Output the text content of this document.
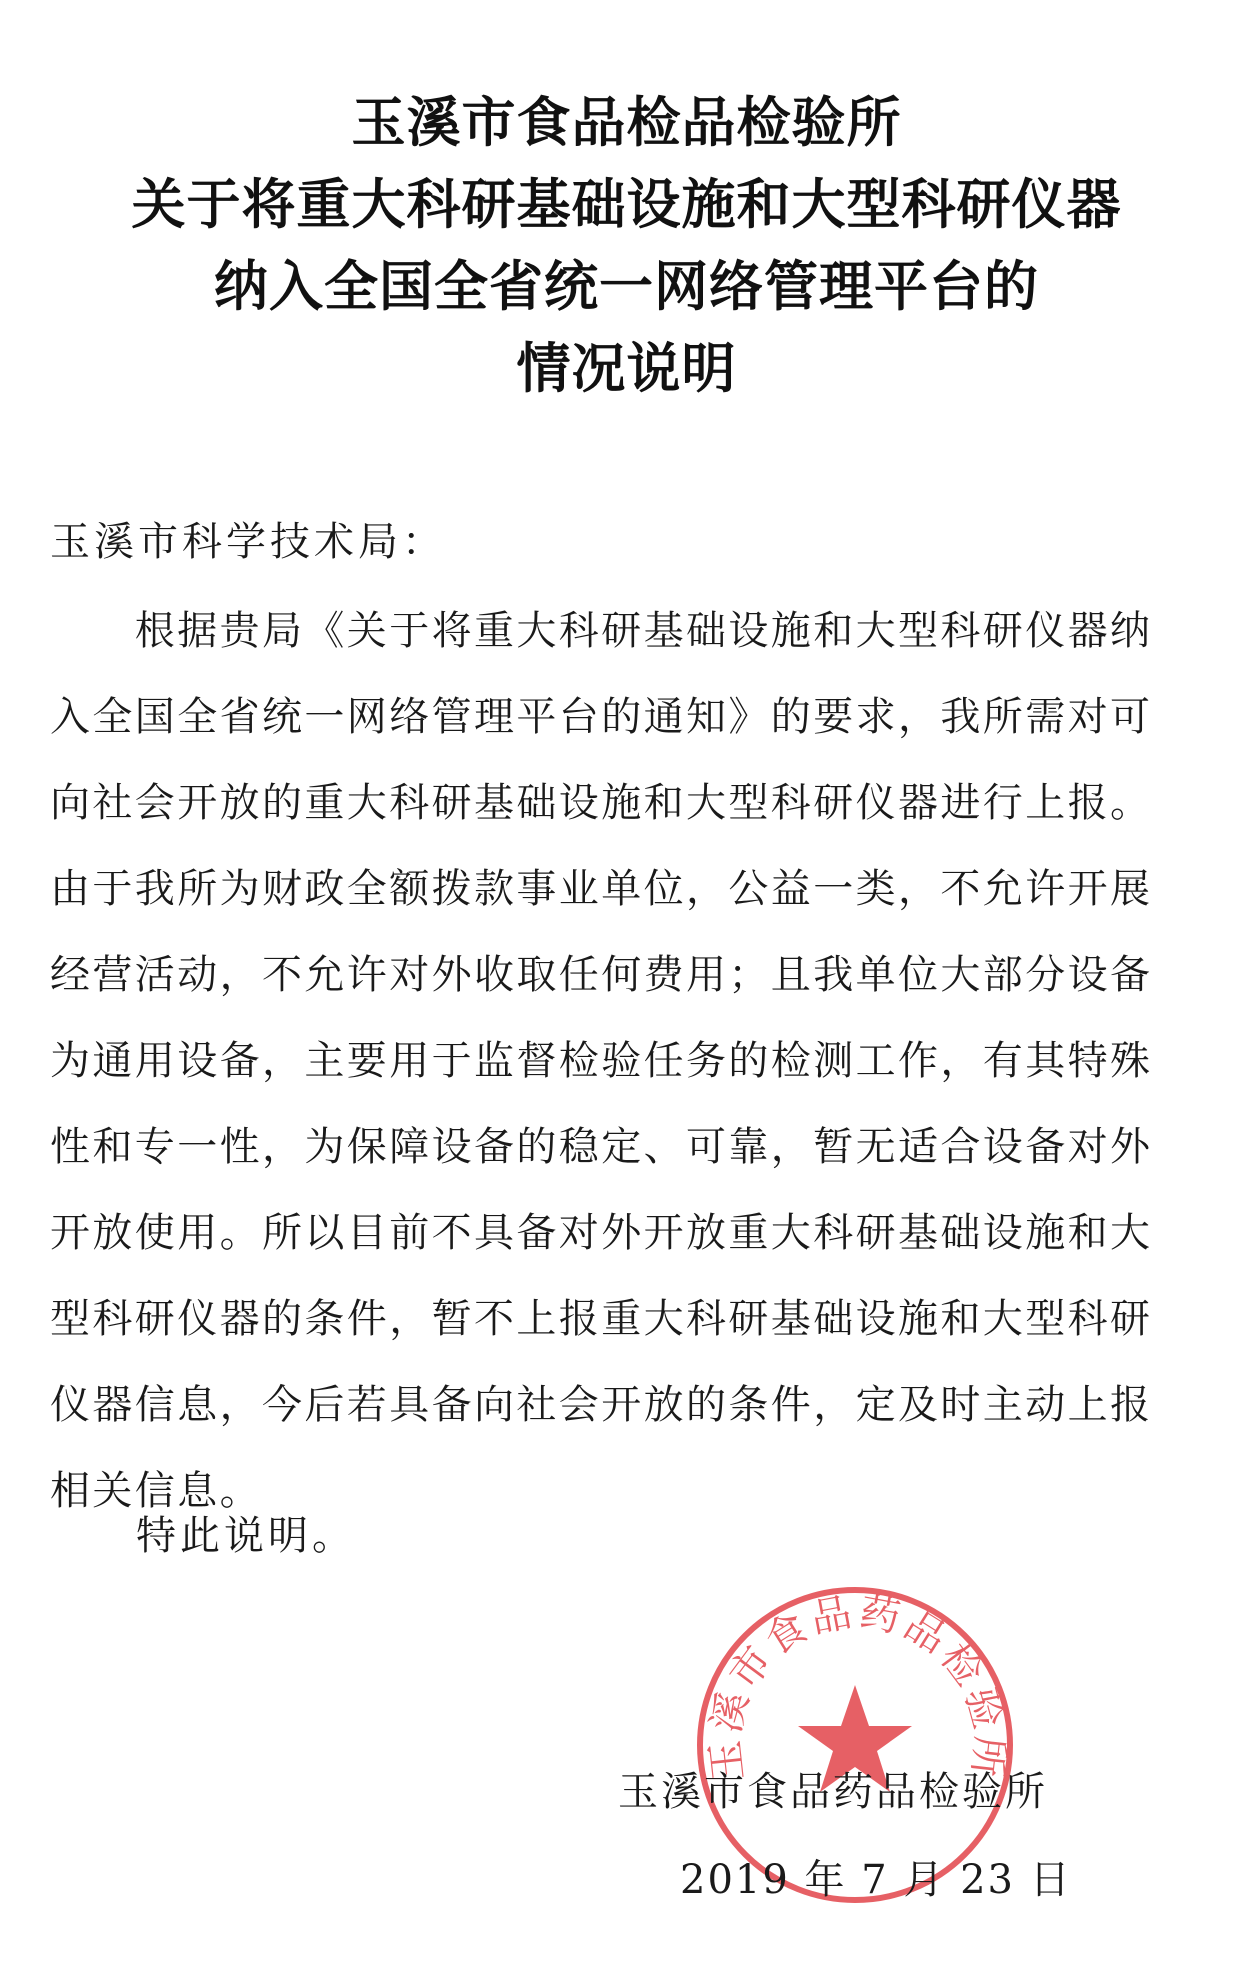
玉溪市食品检品检验所
关于将重大科研基础设施和大型科研仪器
纳入全国全省统一网络管理平台的
情况说明
玉溪市科学技术局：
　　根据贵局《关于将重大科研基础设施和大型科研仪器纳
入全国全省统一网络管理平台的通知》的要求，我所需对可
向社会开放的重大科研基础设施和大型科研仪器进行上报。
由于我所为财政全额拨款事业单位，公益一类，不允许开展
经营活动，不允许对外收取任何费用；且我单位大部分设备
为通用设备，主要用于监督检验任务的检测工作，有其特殊
性和专一性，为保障设备的稳定、可靠，暂无适合设备对外
开放使用。所以目前不具备对外开放重大科研基础设施和大
型科研仪器的条件，暂不上报重大科研基础设施和大型科研
仪器信息，今后若具备向社会开放的条件，定及时主动上报
相关信息。
特此说明。
玉溪市食品药品检验所
玉溪市食品药品检验所
2019 年 7 月 23 日
